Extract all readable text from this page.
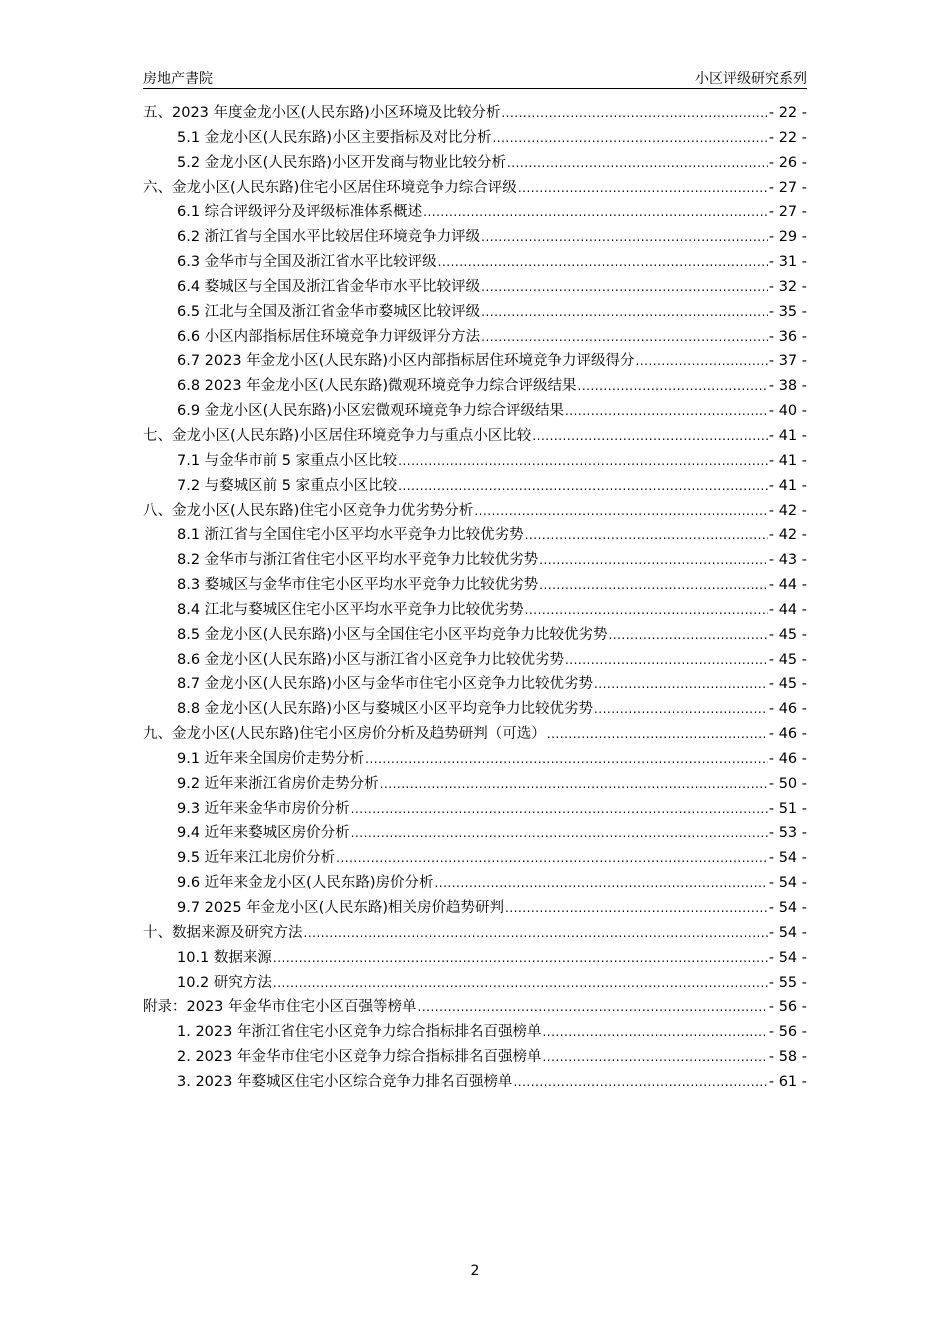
房地产書院	小区评级研究系列
五、2023 年度金龙小区(人民东路)小区环境及比较分析 .....	- 22 -
5.1 金龙小区(人民东路)小区主要指标及对比分析 .....	- 22 -
5.2 金龙小区(人民东路)小区开发商与物业比较分析 .....	- 26 -
六、金龙小区(人民东路)住宅小区居住环境竞争力综合评级 .....	- 27 -
6.1 综合评级评分及评级标准体系概述 .....	- 27 -
6.2 浙江省与全国水平比较居住环境竞争力评级 .....	- 29 -
6.3 金华市与全国及浙江省水平比较评级 .....	- 31 -
6.4 婺城区与全国及浙江省金华市水平比较评级 .....	- 32 -
6.5 江北与全国及浙江省金华市婺城区比较评级 .....	- 35 -
6.6 小区内部指标居住环境竞争力评级评分方法 .....	- 36 -
6.7 2023 年金龙小区(人民东路)小区内部指标居住环境竞争力评级得分 .....	- 37 -
6.8 2023 年金龙小区(人民东路)微观环境竞争力综合评级结果 .....	- 38 -
6.9 金龙小区(人民东路)小区宏微观环境竞争力综合评级结果 .....	- 40 -
七、金龙小区(人民东路)小区居住环境竞争力与重点小区比较 .....	- 41 -
7.1 与金华市前 5 家重点小区比较 .....	- 41 -
7.2 与婺城区前 5 家重点小区比较 .....	- 41 -
八、金龙小区(人民东路)住宅小区竞争力优劣势分析 .....	- 42 -
8.1 浙江省与全国住宅小区平均水平竞争力比较优劣势 .....	- 42 -
8.2 金华市与浙江省住宅小区平均水平竞争力比较优劣势 .....	- 43 -
8.3 婺城区与金华市住宅小区平均水平竞争力比较优劣势 .....	- 44 -
8.4 江北与婺城区住宅小区平均水平竞争力比较优劣势 .....	- 44 -
8.5 金龙小区(人民东路)小区与全国住宅小区平均竞争力比较优劣势 .....	- 45 -
8.6 金龙小区(人民东路)小区与浙江省小区竞争力比较优劣势 .....	- 45 -
8.7 金龙小区(人民东路)小区与金华市住宅小区竞争力比较优劣势 .....	- 45 -
8.8 金龙小区(人民东路)小区与婺城区小区平均竞争力比较优劣势 .....	- 46 -
九、金龙小区(人民东路)住宅小区房价分析及趋势研判（可选） .....	- 46 -
9.1 近年来全国房价走势分析 .....	- 46 -
9.2 近年来浙江省房价走势分析 .....	- 50 -
9.3 近年来金华市房价分析 .....	- 51 -
9.4 近年来婺城区房价分析 .....	- 53 -
9.5 近年来江北房价分析 .....	- 54 -
9.6 近年来金龙小区(人民东路)房价分析 .....	- 54 -
9.7 2025 年金龙小区(人民东路)相关房价趋势研判 .....	- 54 -
十、数据来源及研究方法 .....	- 54 -
10.1 数据来源 .....	- 54 -
10.2 研究方法 .....	- 55 -
附录：2023 年金华市住宅小区百强等榜单 .....	- 56 -
1. 2023 年浙江省住宅小区竞争力综合指标排名百强榜单 .....	- 56 -
2. 2023 年金华市住宅小区竞争力综合指标排名百强榜单 .....	- 58 -
3. 2023 年婺城区住宅小区综合竞争力排名百强榜单 .....	- 61 -
2
